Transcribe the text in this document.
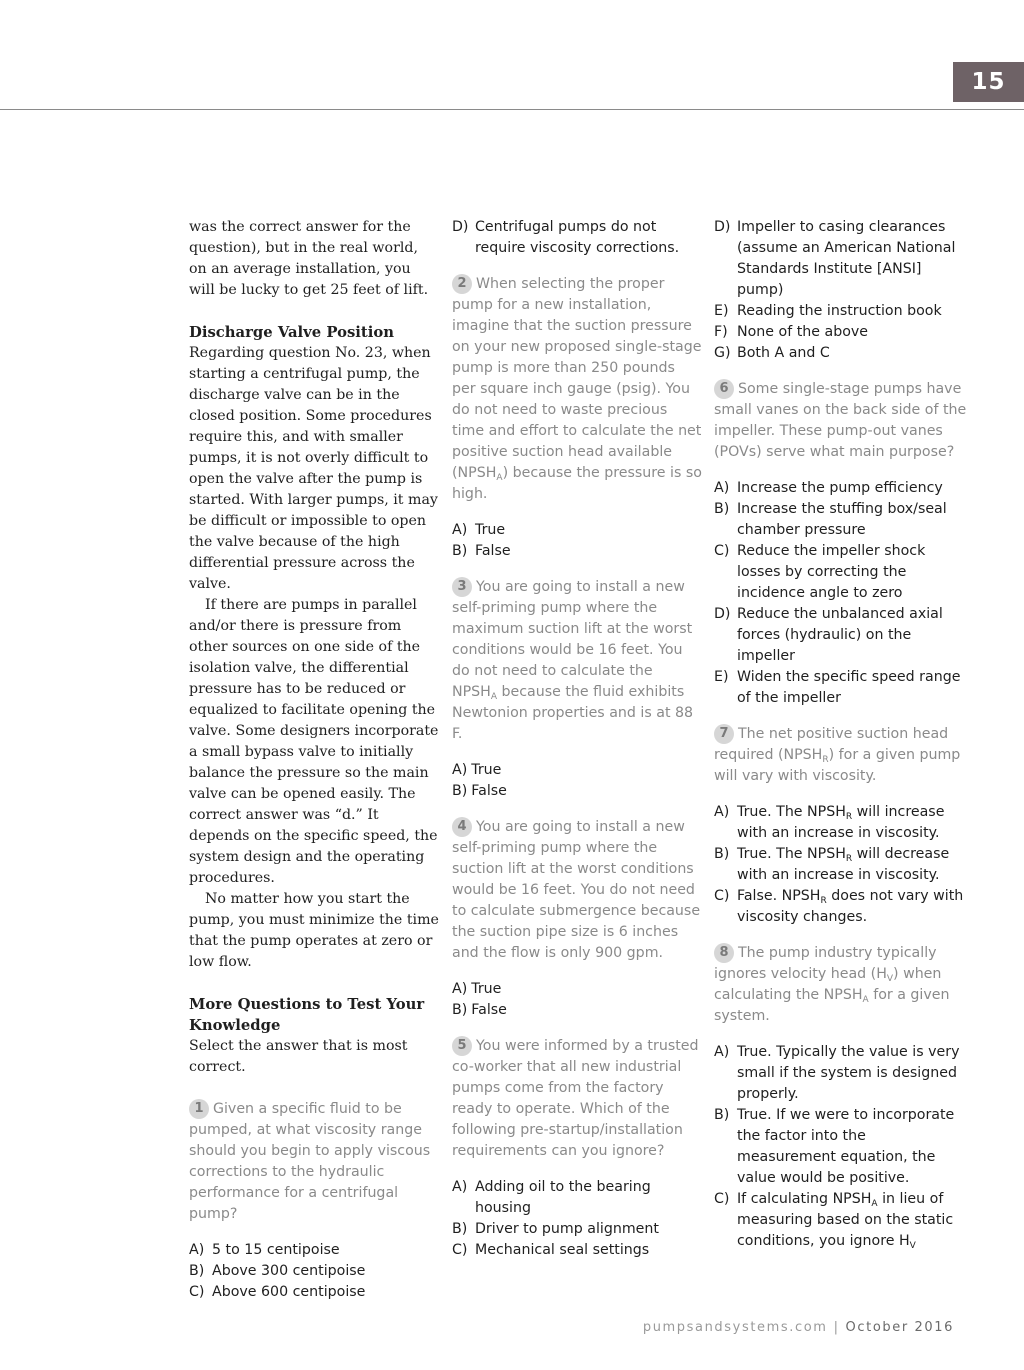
15

was the correct answer for the question), but in the real world, on an average installation, you will be lucky to get 25 feet of lift.

Discharge Valve Position

Regarding question No. 23, when starting a centrifugal pump, the discharge valve can be in the closed position. Some procedures require this, and with smaller pumps, it is not overly difficult to open the valve after the pump is started. With larger pumps, it may be difficult or impossible to open the valve because of the high differential pressure across the valve.

If there are pumps in parallel and/or there is pressure from other sources on one side of the isolation valve, the differential pressure has to be reduced or equalized to facilitate opening the valve. Some designers incorporate a small bypass valve to initially balance the pressure so the main valve can be opened easily. The correct answer was “d.” It depends on the specific speed, the system design and the operating procedures.

No matter how you start the pump, you must minimize the time that the pump operates at zero or low flow.

More Questions to Test Your Knowledge

Select the answer that is most correct.

1 Given a specific fluid to be pumped, at what viscosity range should you begin to apply viscous corrections to the hydraulic performance for a centrifugal pump?

A) 5 to 15 centipoise
B) Above 300 centipoise
C) Above 600 centipoise
D) Centrifugal pumps do not require viscosity corrections.

2 When selecting the proper pump for a new installation, imagine that the suction pressure on your new proposed single-stage pump is more than 250 pounds per square inch gauge (psig). You do not need to waste precious time and effort to calculate the net positive suction head available $(NPSH_A)$ because the pressure is so high.

A) True
B) False

3 You are going to install a new self-priming pump where the maximum suction lift at the worst conditions would be 16 feet. You do not need to calculate the $NPSH_A$ because the fluid exhibits Newtonion properties and is at 88 F.

A) True
B) False

4 You are going to install a new self-priming pump where the suction lift at the worst conditions would be 16 feet. You do not need to calculate submergence because the suction pipe size is 6 inches and the flow is only 900 gpm.

A) True
B) False

5 You were informed by a trusted co-worker that all new industrial pumps come from the factory ready to operate. Which of the following pre-startup/installation requirements can you ignore?

A) Adding oil to the bearing housing
B) Driver to pump alignment
C) Mechanical seal settings
D) Impeller to casing clearances (assume an American National Standards Institute [ANSI] pump)
E) Reading the instruction book
F) None of the above
G) Both A and C

6 Some single-stage pumps have small vanes on the back side of the impeller. These pump-out vanes (POVs) serve what main purpose?

A) Increase the pump efficiency
B) Increase the stuffing box/seal chamber pressure
C) Reduce the impeller shock losses by correcting the incidence angle to zero
D) Reduce the unbalanced axial forces (hydraulic) on the impeller
E) Widen the specific speed range of the impeller

7 The net positive suction head required $(NPSH_R)$ for a given pump will vary with viscosity.

A) True. The $NPSH_R$ will increase with an increase in viscosity.
B) True. The $NPSH_R$ will decrease with an increase in viscosity.
C) False. $NPSH_R$ does not vary with viscosity changes.

8 The pump industry typically ignores velocity head $(H_V)$ when calculating the $NPSH_A$ for a given system.

A) True. Typically the value is very small if the system is designed properly.
B) True. If we were to incorporate the factor into the measurement equation, the value would be positive.
C) If calculating $NPSH_A$ in lieu of measuring based on the static conditions, you ignore $H_V$
pumpsandsystems.com | October 2016
